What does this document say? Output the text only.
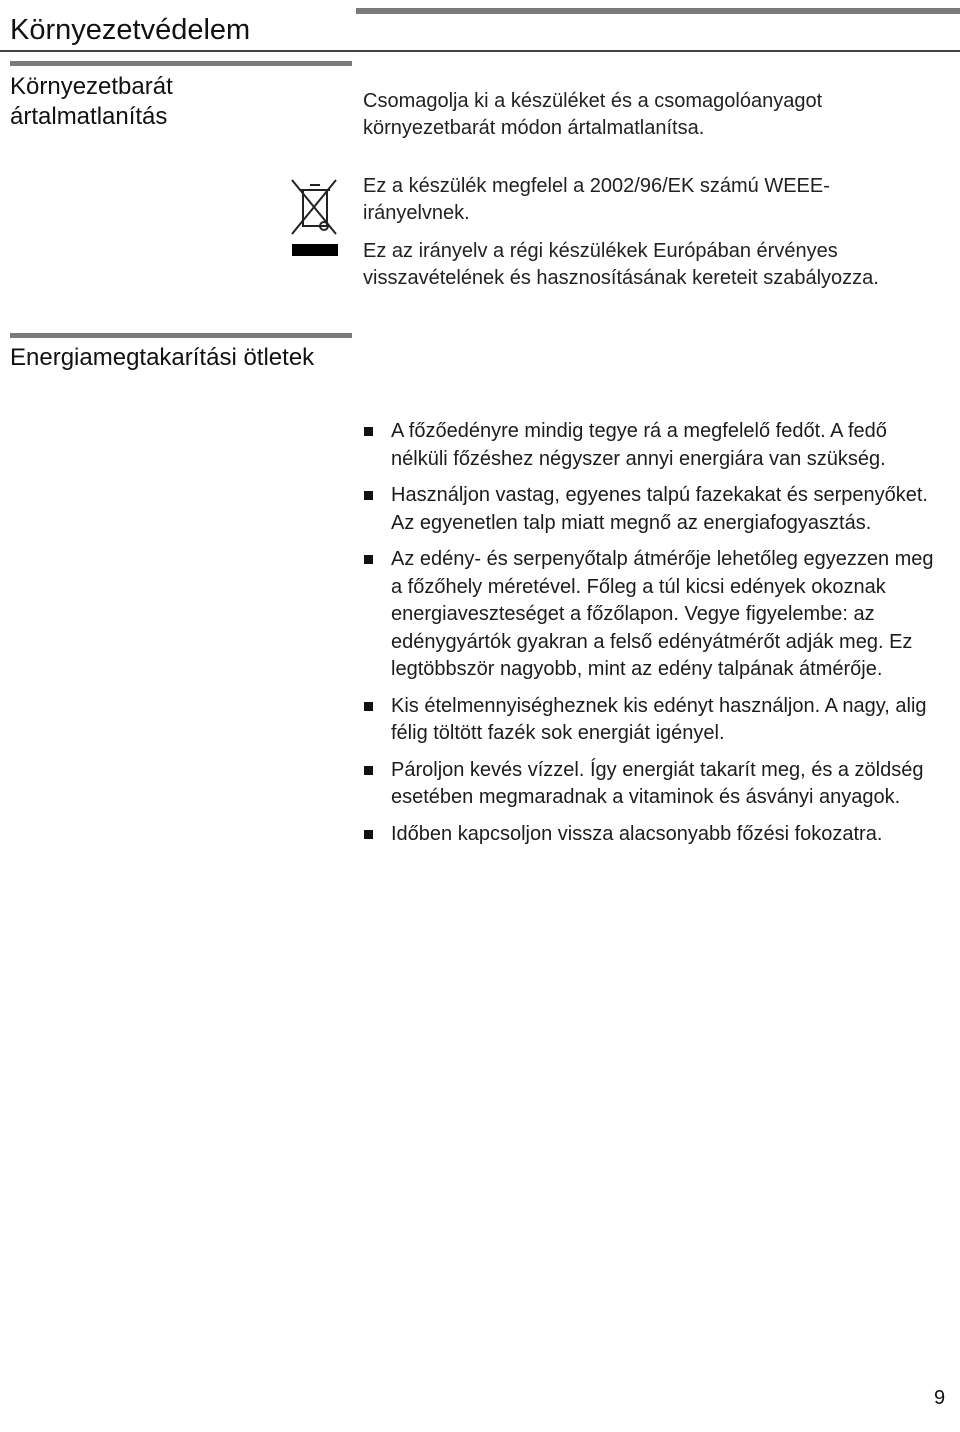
Környezetvédelem
Környezetbarát ártalmatlanítás
Csomagolja ki a készüléket és a csomagolóanyagot környezetbarát módon ártalmatlanítsa.
Ez a készülék megfelel a 2002/96/EK számú WEEE-irányelvnek.
Ez az irányelv a régi készülékek Európában érvényes visszavételének és hasznosításának kereteit szabályozza.
Energiamegtakarítási ötletek
A főzőedényre mindig tegye rá a megfelelő fedőt. A fedő nélküli főzéshez négyszer annyi energiára van szükség.
Használjon vastag, egyenes talpú fazekakat és serpenyőket. Az egyenetlen talp miatt megnő az energiafogyasztás.
Az edény- és serpenyőtalp átmérője lehetőleg egyezzen meg a főzőhely méretével. Főleg a túl kicsi edények okoznak energiaveszteséget a főzőlapon. Vegye figyelembe: az edénygyártók gyakran a felső edényátmérőt adják meg. Ez legtöbbször nagyobb, mint az edény talpának átmérője.
Kis ételmennyiségheznek kis edényt használjon. A nagy, alig félig töltött fazék sok energiát igényel.
Pároljon kevés vízzel. Így energiát takarít meg, és a zöldség esetében megmaradnak a vitaminok és ásványi anyagok.
Időben kapcsoljon vissza alacsonyabb főzési fokozatra.
9
